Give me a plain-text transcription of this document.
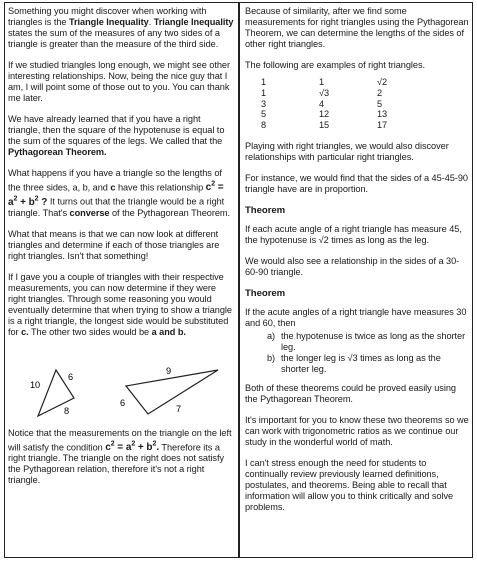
Something you might discover when working with triangles is the Triangle Inequality. Triangle Inequality states the sum of the measures of any two sides of a triangle is greater than the measure of the third side.

If we studied triangles long enough, we might see other interesting relationships. Now, being the nice guy that I am, I will point some of those out to you. You can thank me later.

We have already learned that if you have a right triangle, then the square of the hypotenuse is equal to the sum of the squares of the legs. We called that the Pythagorean Theorem.

What happens if you have a triangle so the lengths of the three sides, a, b, and c have this relationship $c^2 = a^2 + b^2$ ? It turns out that the triangle would be a right triangle. That's converse of the Pythagorean Theorem.

What that means is that we can now look at different triangles and determine if each of those triangles are right triangles. Isn't that something!

If I gave you a couple of triangles with their respective measurements, you can now determine if they were right triangles. Through some reasoning you would eventually determine that when trying to show a triangle is a right triangle, the longest side would be substituted for c. The other two sides would be a and b.

10
6
8
9
6
7

Notice that the measurements on the triangle on the left will satisfy the condition $c^2 = a^2 + b^2$. Therefore its a right triangle. The triangle on the right does not satisfy the Pythagorean relation, therefore it's not a right triangle.

Because of similarity, after we find some measurements for right triangles using the Pythagorean Theorem, we can determine the lengths of the sides of other right triangles.

The following are examples of right triangles.

1	1	√2
1	√3	2
3	4	5
5	12	13
8	15	17

Playing with right triangles, we would also discover relationships with particular right triangles.

For instance, we would find that the sides of a 45-45-90 triangle have are in proportion.

Theorem

If each acute angle of a right triangle has measure 45, the hypotenuse is √2 times as long as the leg.

We would also see a relationship in the sides of a 30-60-90 triangle.

Theorem

If the acute angles of a right triangle have measures 30 and 60, then

a) the hypotenuse is twice as long as the shorter leg.
b) the longer leg is √3 times as long as the shorter leg.

Both of these theorems could be proved easily using the Pythagorean Theorem.

It's important for you to know these two theorems so we can work with trigonometric ratios as we continue our study in the wonderful world of math.

I can't stress enough the need for students to continually review previously learned definitions, postulates, and theorems. Being able to recall that information will allow you to think critically and solve problems.
